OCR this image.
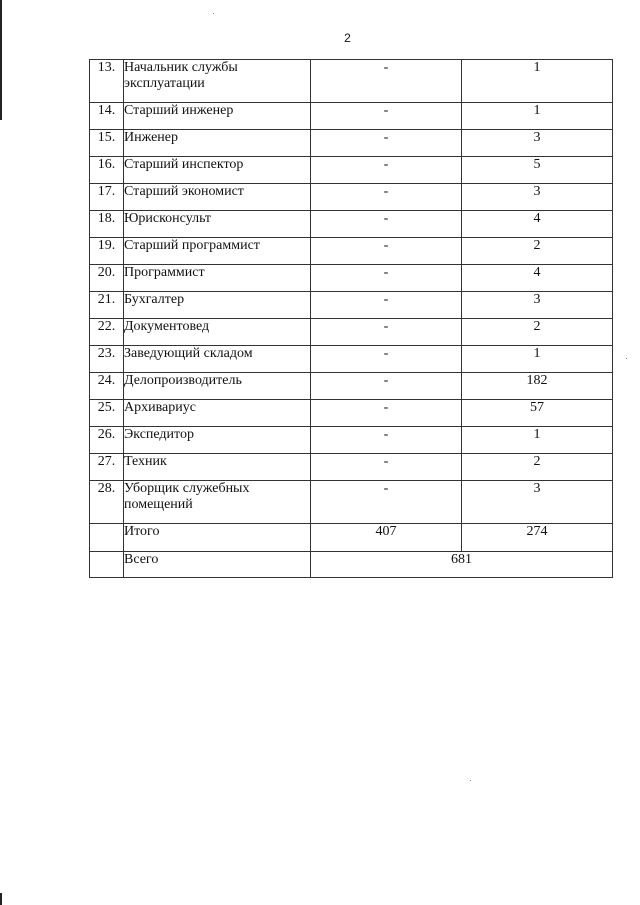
2
13.	Начальник службы эксплуатации	-	1
14.	Старший инженер	-	1
15.	Инженер	-	3
16.	Старший инспектор	-	5
17.	Старший экономист	-	3
18.	Юрисконсульт	-	4
19.	Старший программист	-	2
20.	Программист	-	4
21.	Бухгалтер	-	3
22.	Документовед	-	2
23.	Заведующий складом	-	1
24.	Делопроизводитель	-	182
25.	Архивариус	-	57
26.	Экспедитор	-	1
27.	Техник	-	2
28.	Уборщик служебных помещений	-	3
	Итого	407	274
	Всего	681	
